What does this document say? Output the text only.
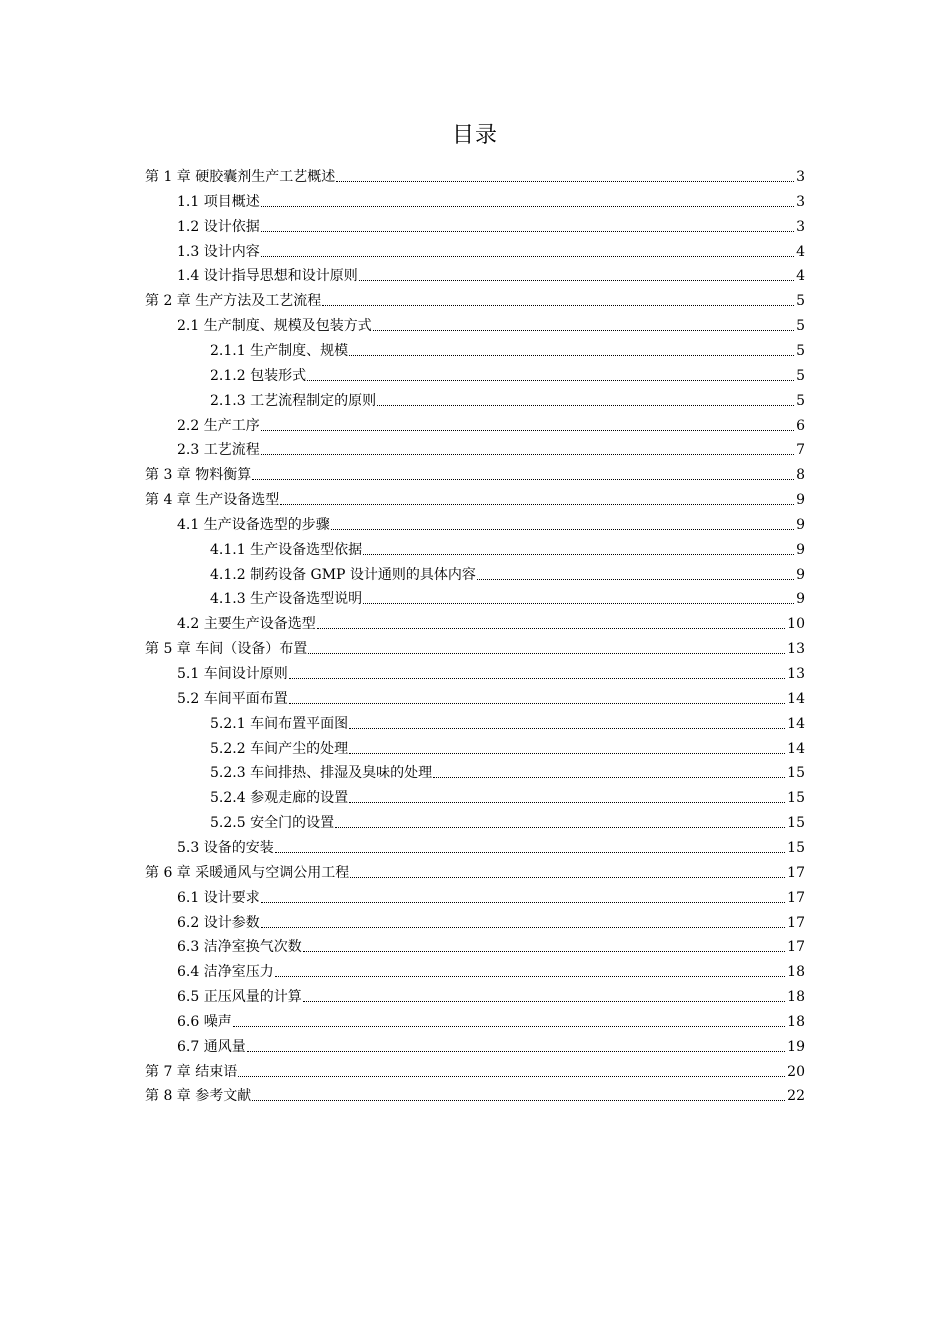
目录
第 1 章 硬胶囊剂生产工艺概述	3
1.1 项目概述	3
1.2 设计依据	3
1.3 设计内容	4
1.4 设计指导思想和设计原则	4
第 2 章 生产方法及工艺流程	5
2.1 生产制度、规模及包装方式	5
2.1.1 生产制度、规模	5
2.1.2 包装形式	5
2.1.3 工艺流程制定的原则	5
2.2 生产工序	6
2.3 工艺流程	7
第 3 章 物料衡算	8
第 4 章 生产设备选型	9
4.1 生产设备选型的步骤	9
4.1.1 生产设备选型依据	9
4.1.2 制药设备 GMP 设计通则的具体内容	9
4.1.3 生产设备选型说明	9
4.2 主要生产设备选型	10
第 5 章 车间（设备）布置	13
5.1 车间设计原则	13
5.2 车间平面布置	14
5.2.1 车间布置平面图	14
5.2.2 车间产尘的处理	14
5.2.3 车间排热、排湿及臭味的处理	15
5.2.4 参观走廊的设置	15
5.2.5 安全门的设置	15
5.3 设备的安装	15
第 6 章 采暖通风与空调公用工程	17
6.1 设计要求	17
6.2 设计参数	17
6.3 洁净室换气次数	17
6.4 洁净室压力	18
6.5 正压风量的计算	18
6.6 噪声	18
6.7 通风量	19
第 7 章 结束语	20
第 8 章 参考文献	22
